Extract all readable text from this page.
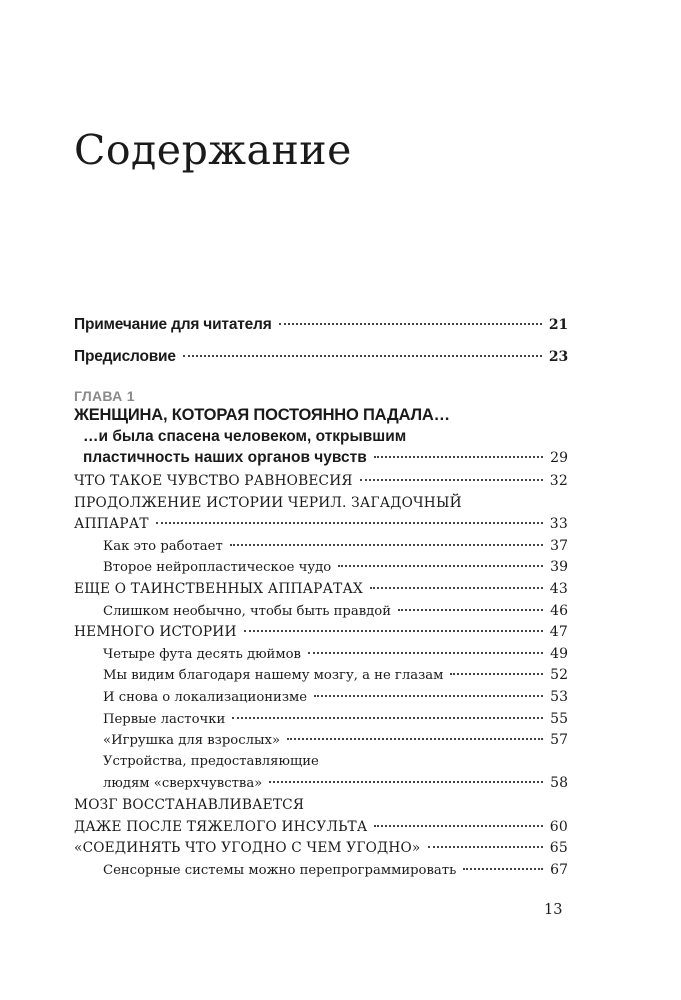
Содержание
Примечание для читателя	21
Предисловие	23
ГЛАВА 1
ЖЕНЩИНА, КОТОРАЯ ПОСТОЯННО ПАДАЛА…
…и была спасена человеком, открывшим
пластичность наших органов чувств	29
ЧТО ТАКОЕ ЧУВСТВО РАВНОВЕСИЯ	32
ПРОДОЛЖЕНИЕ ИСТОРИИ ЧЕРИЛ. ЗАГАДОЧНЫЙ
АППАРАТ	33
Как это работает	37
Второе нейропластическое чудо	39
ЕЩЕ О ТАИНСТВЕННЫХ АППАРАТАХ	43
Слишком необычно, чтобы быть правдой	46
НЕМНОГО ИСТОРИИ	47
Четыре фута десять дюймов	49
Мы видим благодаря нашему мозгу, а не глазам	52
И снова о локализационизме	53
Первые ласточки	55
«Игрушка для взрослых»	57
Устройства, предоставляющие
людям «сверхчувства»	58
МОЗГ ВОССТАНАВЛИВАЕТСЯ
ДАЖЕ ПОСЛЕ ТЯЖЕЛОГО ИНСУЛЬТА	60
«СОЕДИНЯТЬ ЧТО УГОДНО С ЧЕМ УГОДНО»	65
Сенсорные системы можно перепрограммировать	67
13
